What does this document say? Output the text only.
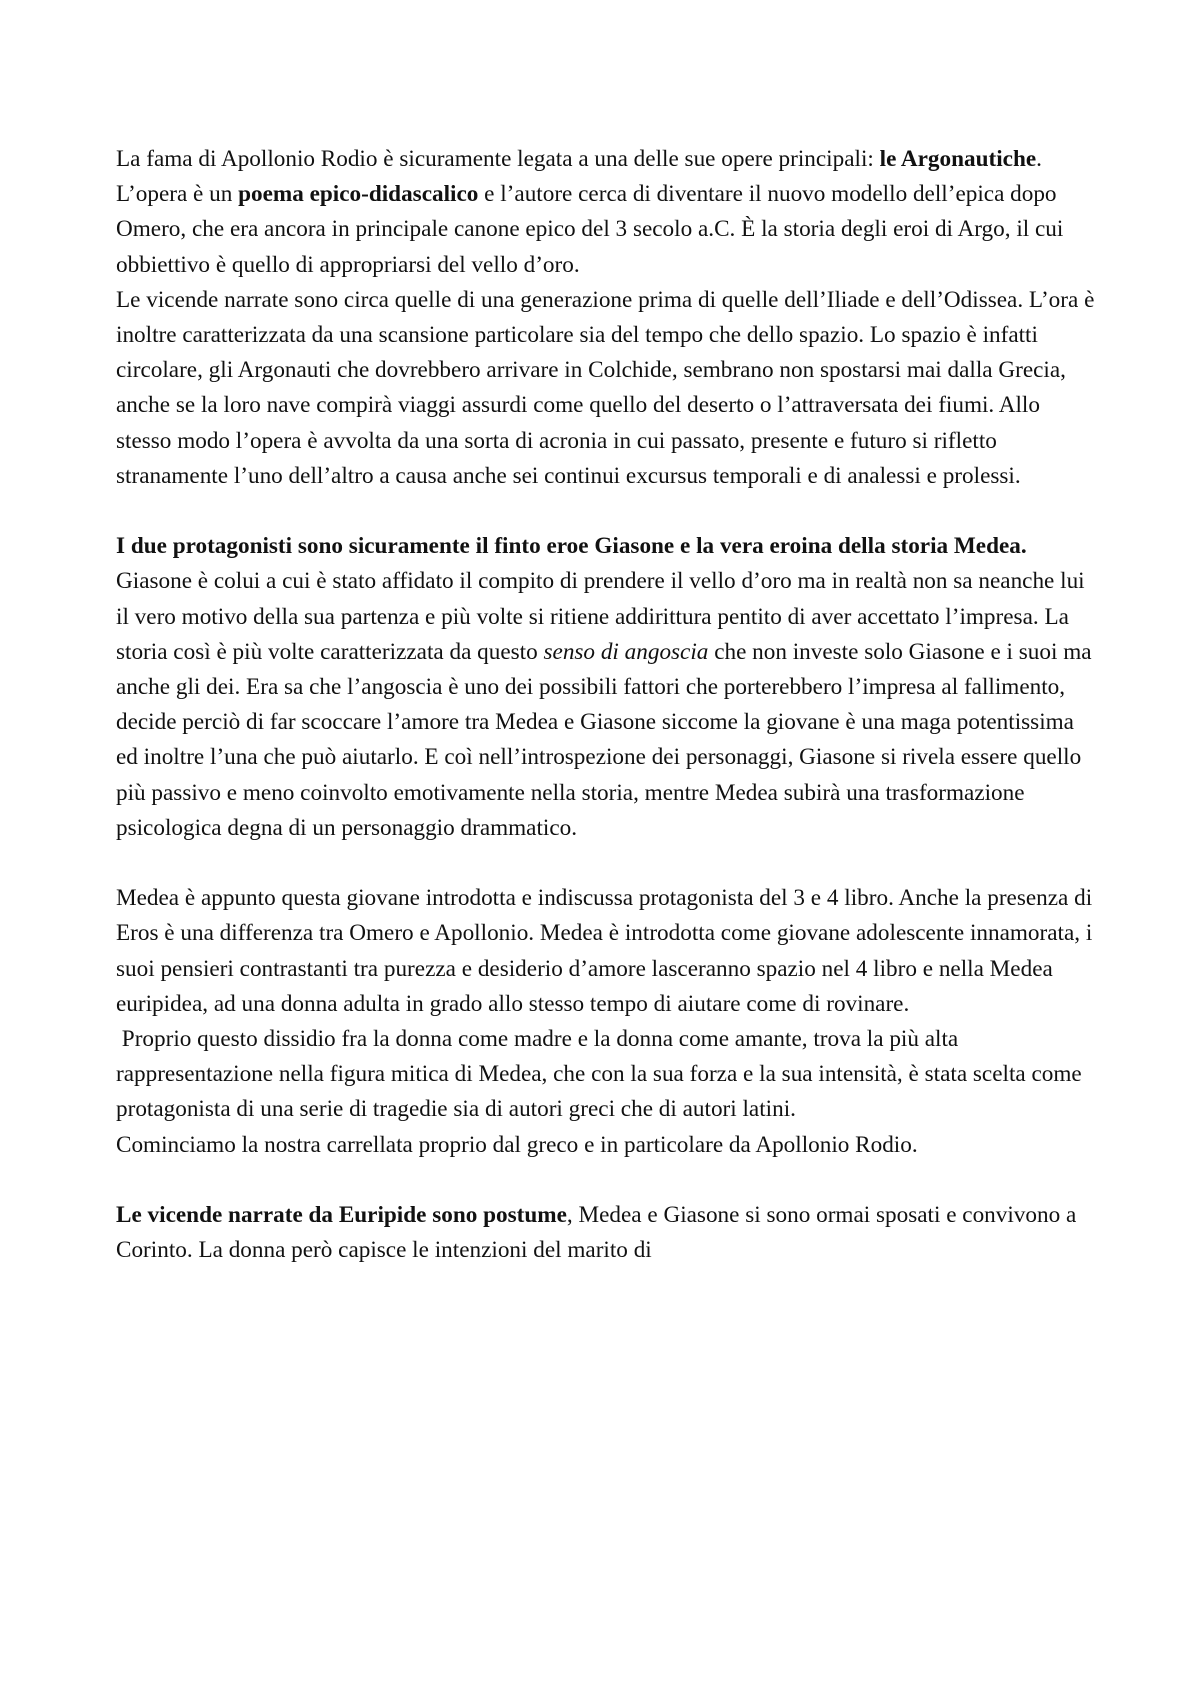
La fama di Apollonio Rodio è sicuramente legata a una delle sue opere principali: le Argonautiche. L’opera è un poema epico-didascalico e l’autore cerca di diventare il nuovo modello dell’epica dopo Omero, che era ancora in principale canone epico del 3 secolo a.C. È la storia degli eroi di Argo, il cui obbiettivo è quello di appropriarsi del vello d’oro.

Le vicende narrate sono circa quelle di una generazione prima di quelle dell’Iliade e dell’Odissea. L’ora è inoltre caratterizzata da una scansione particolare sia del tempo che dello spazio. Lo spazio è infatti circolare, gli Argonauti che dovrebbero arrivare in Colchide, sembrano non spostarsi mai dalla Grecia, anche se la loro nave compirà viaggi assurdi come quello del deserto o l’attraversata dei fiumi. Allo stesso modo l’opera è avvolta da una sorta di acronia in cui passato, presente e futuro si rifletto stranamente l’uno dell’altro a causa anche sei continui excursus temporali e di analessi e prolessi.

I due protagonisti sono sicuramente il finto eroe Giasone e la vera eroina della storia Medea.

Giasone è colui a cui è stato affidato il compito di prendere il vello d’oro ma in realtà non sa neanche lui il vero motivo della sua partenza e più volte si ritiene addirittura pentito di aver accettato l’impresa. La storia così è più volte caratterizzata da questo senso di angoscia che non investe solo Giasone e i suoi ma anche gli dei. Era sa che l’angoscia è uno dei possibili fattori che porterebbero l’impresa al fallimento, decide perciò di far scoccare l’amore tra Medea e Giasone siccome la giovane è una maga potentissima ed inoltre l’una che può aiutarlo. E coì nell’introspezione dei personaggi, Giasone si rivela essere quello più passivo e meno coinvolto emotivamente nella storia, mentre Medea subirà una trasformazione psicologica degna di un personaggio drammatico.

Medea è appunto questa giovane introdotta e indiscussa protagonista del 3 e 4 libro. Anche la presenza di Eros è una differenza tra Omero e Apollonio. Medea è introdotta come giovane adolescente innamorata, i suoi pensieri contrastanti tra purezza e desiderio d’amore lasceranno spazio nel 4 libro e nella Medea euripidea, ad una donna adulta in grado allo stesso tempo di aiutare come di rovinare.

Proprio questo dissidio fra la donna come madre e la donna come amante, trova la più alta rappresentazione nella figura mitica di Medea, che con la sua forza e la sua intensità, è stata scelta come protagonista di una serie di tragedie sia di autori greci che di autori latini.

Cominciamo la nostra carrellata proprio dal greco e in particolare da Apollonio Rodio.

Le vicende narrate da Euripide sono postume, Medea e Giasone si sono ormai sposati e convivono a Corinto. La donna però capisce le intenzioni del marito di
